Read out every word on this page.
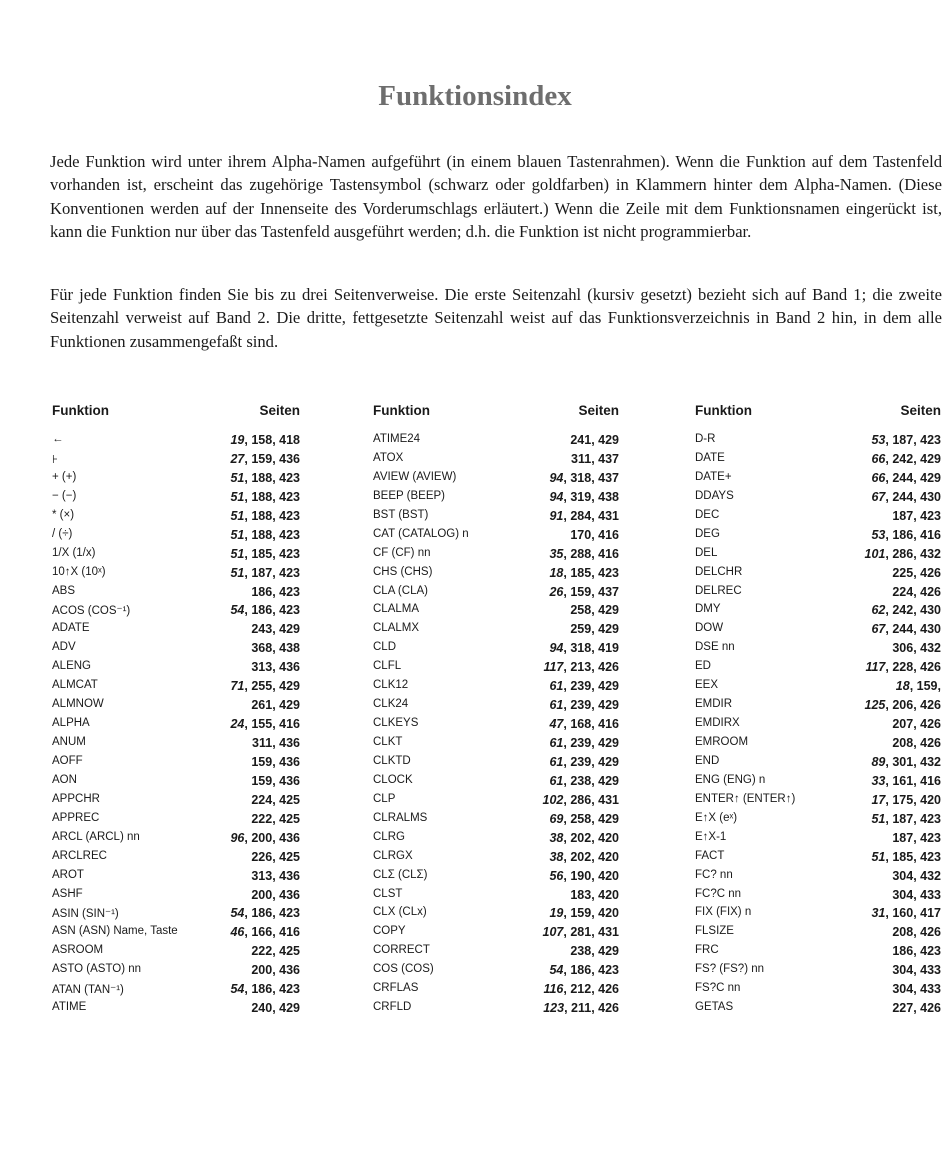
Funktionsindex

Jede Funktion wird unter ihrem Alpha-Namen aufgeführt (in einem blauen Tastenrahmen). Wenn die Funktion auf dem Tastenfeld vorhanden ist, erscheint das zugehörige Tastensymbol (schwarz oder goldfarben) in Klammern hinter dem Alpha-Namen. (Diese Konventionen werden auf der Innenseite des Vorderumschlags erläutert.) Wenn die Zeile mit dem Funktionsnamen eingerückt ist, kann die Funktion nur über das Tastenfeld ausgeführt werden; d.h. die Funktion ist nicht programmierbar.

Für jede Funktion finden Sie bis zu drei Seitenverweise. Die erste Seitenzahl (kursiv gesetzt) bezieht sich auf Band 1; die zweite Seitenzahl verweist auf Band 2. Die dritte, fettgesetzte Seitenzahl weist auf das Funktionsverzeichnis in Band 2 hin, in dem alle Funktionen zusammengefaßt sind.

Funktion	Seiten
←	19, 158, 418
⊦	27, 159, 436
+ (+)	51, 188, 423
− (−)	51, 188, 423
* (×)	51, 188, 423
/ (÷)	51, 188, 423
1/X (1/x)	51, 185, 423
10↑X (10ˣ)	51, 187, 423
ABS	186, 423
ACOS (COS⁻¹)	54, 186, 423
ADATE	243, 429
ADV	368, 438
ALENG	313, 436
ALMCAT	71, 255, 429
ALMNOW	261, 429
ALPHA	24, 155, 416
ANUM	311, 436
AOFF	159, 436
AON	159, 436
APPCHR	224, 425
APPREC	222, 425
ARCL (ARCL) nn	96, 200, 436
ARCLREC	226, 425
AROT	313, 436
ASHF	200, 436
ASIN (SIN⁻¹)	54, 186, 423
ASN (ASN) Name, Taste	46, 166, 416
ASROOM	222, 425
ASTO (ASTO) nn	200, 436
ATAN (TAN⁻¹)	54, 186, 423
ATIME	240, 429
Funktion	Seiten
ATIME24	241, 429
ATOX	311, 437
AVIEW (AVIEW)	94, 318, 437
BEEP (BEEP)	94, 319, 438
BST (BST)	91, 284, 431
CAT (CATALOG) n	170, 416
CF (CF) nn	35, 288, 416
CHS (CHS)	18, 185, 423
CLA (CLA)	26, 159, 437
CLALMA	258, 429
CLALMX	259, 429
CLD	94, 318, 419
CLFL	117, 213, 426
CLK12	61, 239, 429
CLK24	61, 239, 429
CLKEYS	47, 168, 416
CLKT	61, 239, 429
CLKTD	61, 239, 429
CLOCK	61, 238, 429
CLP	102, 286, 431
CLRALMS	69, 258, 429
CLRG	38, 202, 420
CLRGX	38, 202, 420
CLΣ (CLΣ)	56, 190, 420
CLST	183, 420
CLX (CLx)	19, 159, 420
COPY	107, 281, 431
CORRECT	238, 429
COS (COS)	54, 186, 423
CRFLAS	116, 212, 426
CRFLD	123, 211, 426
Funktion	Seiten
D-R	53, 187, 423
DATE	66, 242, 429
DATE+	66, 244, 429
DDAYS	67, 244, 430
DEC	187, 423
DEG	53, 186, 416
DEL	101, 286, 432
DELCHR	225, 426
DELREC	224, 426
DMY	62, 242, 430
DOW	67, 244, 430
DSE nn	306, 432
ED	117, 228, 426
EEX	18, 159,
EMDIR	125, 206, 426
EMDIRX	207, 426
EMROOM	208, 426
END	89, 301, 432
ENG (ENG) n	33, 161, 416
ENTER↑ (ENTER↑)	17, 175, 420
E↑X (eˣ)	51, 187, 423
E↑X-1	187, 423
FACT	51, 185, 423
FC? nn	304, 432
FC?C nn	304, 433
FIX (FIX) n	31, 160, 417
FLSIZE	208, 426
FRC	186, 423
FS? (FS?) nn	304, 433
FS?C nn	304, 433
GETAS	227, 426
